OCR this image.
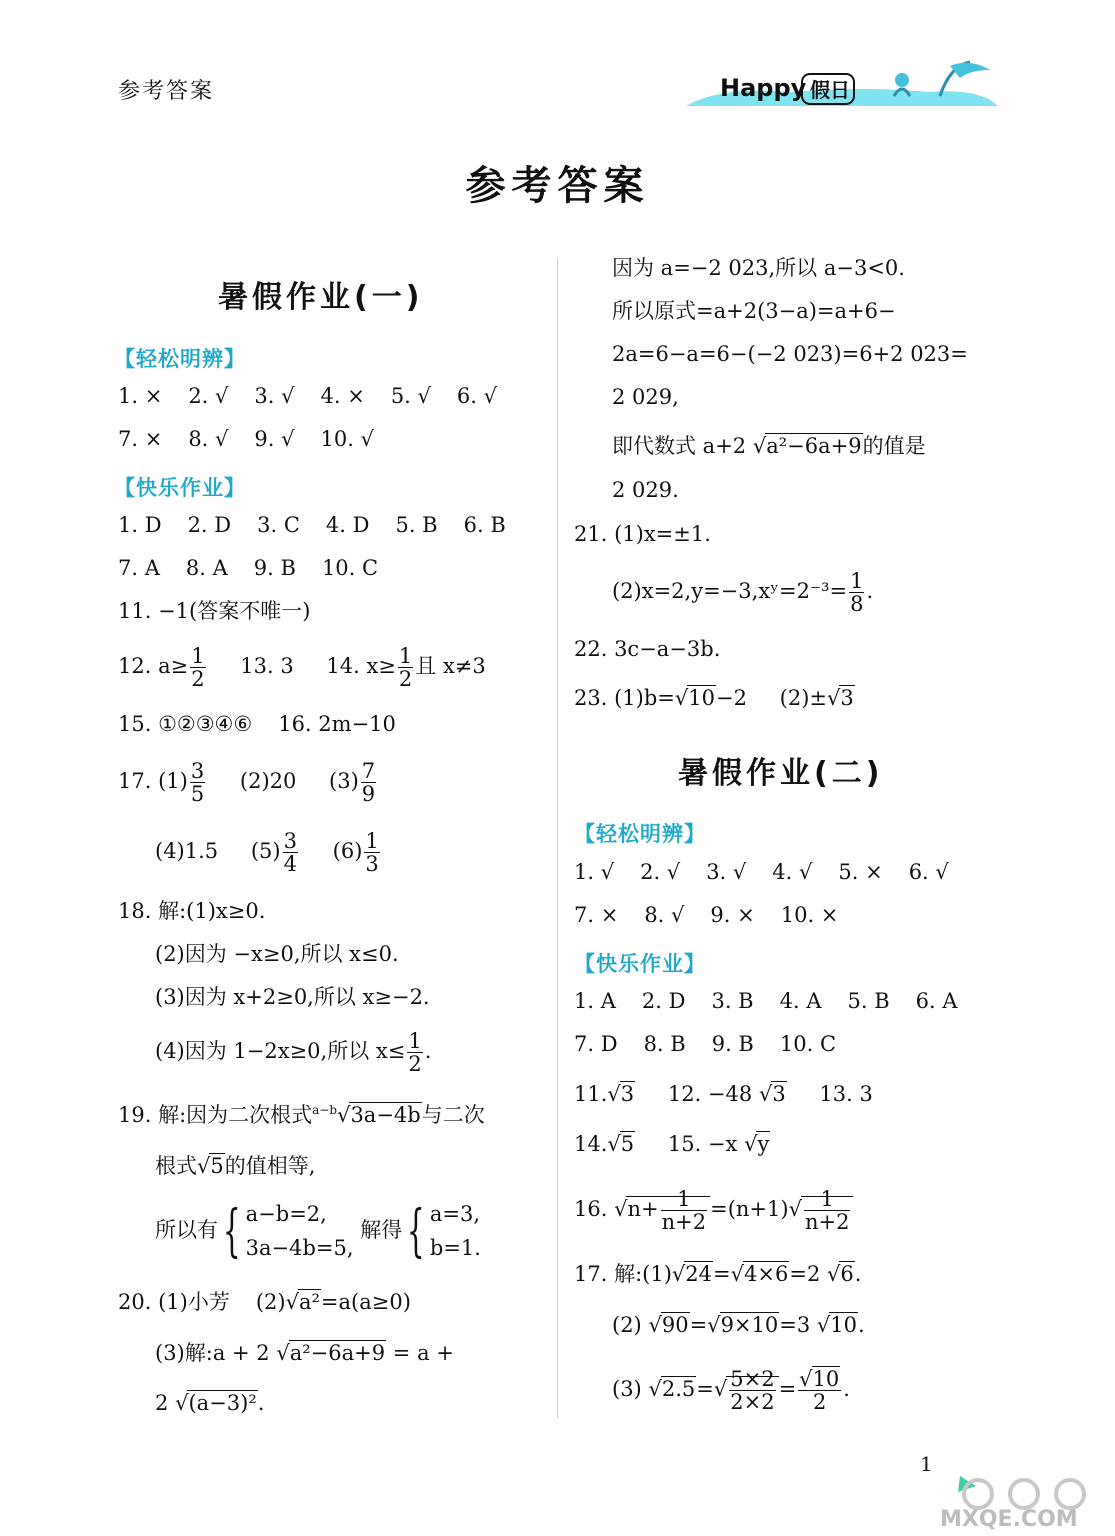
参考答案	Happy 假日
参考答案
暑假作业(一)
【轻松明辨】
1. × 2. √ 3. √ 4. × 5. √ 6. √
7. × 8. √ 9. √ 10. √
【快乐作业】
1. D 2. D 3. C 4. D 5. B 6. B
7. A 8. A 9. B 10. C
11. −1(答案不唯一)
12. $a\ge \frac{1}{2} 13$. 3 14. $x\ge \frac{1}{2}$ 且 x≠3
15. ①②③④⑥ 16. 2m−10
17. $(1) \frac{3}{5} (2)20$ $(3) \frac{7}{9}$
(4)1.5 $(5) \frac{3}{4} (6) \frac{1}{3}$
18. 解:(1)x≥0.
(2)因为 −x≥0,所以 x≤0.
(3)因为 x+2≥0,所以 x≥−2.
(4)因为 1−2x≥0,所以 $x\le \frac{1}{2}$ .
19. 解:因为二次根式$^{a-b}$√3a−4b与二次
根式√5的值相等,
所以有{ a−b=2,
3a−4b=5, 解得{ a=3,
b=1.
20. (1)小芳 (2)√a²=a(a≥0)
(3)解:a + 2 √a²−6a+9 = a +
2 √(a−3)².
因为 a=−2 023,所以 a−3<0.
所以原式=a+2(3−a)=a+6−
2a=6−a=6−(−2 023)=6+2 023=
2 029,
即代数式 a+2 √a²−6a+9的值是
2 029.
21. (1)x=±1.
(2)x=2,y=−3,xʸ=2⁻³= $\frac{1}{8}$ .
22. 3c−a−3b.
23. (1)b=√10−2 (2)±√3
暑假作业(二)
【轻松明辨】
1. √ 2. √ 3. √ 4. √ 5. × 6. √
7. × 8. √ 9. × 10. ×
【快乐作业】
1. A 2. D 3. B 4. A 5. B 6. A
7. D 8. B 9. B 10. C
11.√3 12. −48 √3 13. 3
14.√5 15. −x √y
16. $√n+ \frac{1}{n+2} =(n+1)√ \frac{1}{n+2}$
17. 解:(1)√24=√4×6=2 √6.
(2) √90=√9×10=3 √10.
(3) $√2.5=√ \frac{5\times 2}{2\times 2} = \frac{√10}{2}$ .
1
MXQE.COM
